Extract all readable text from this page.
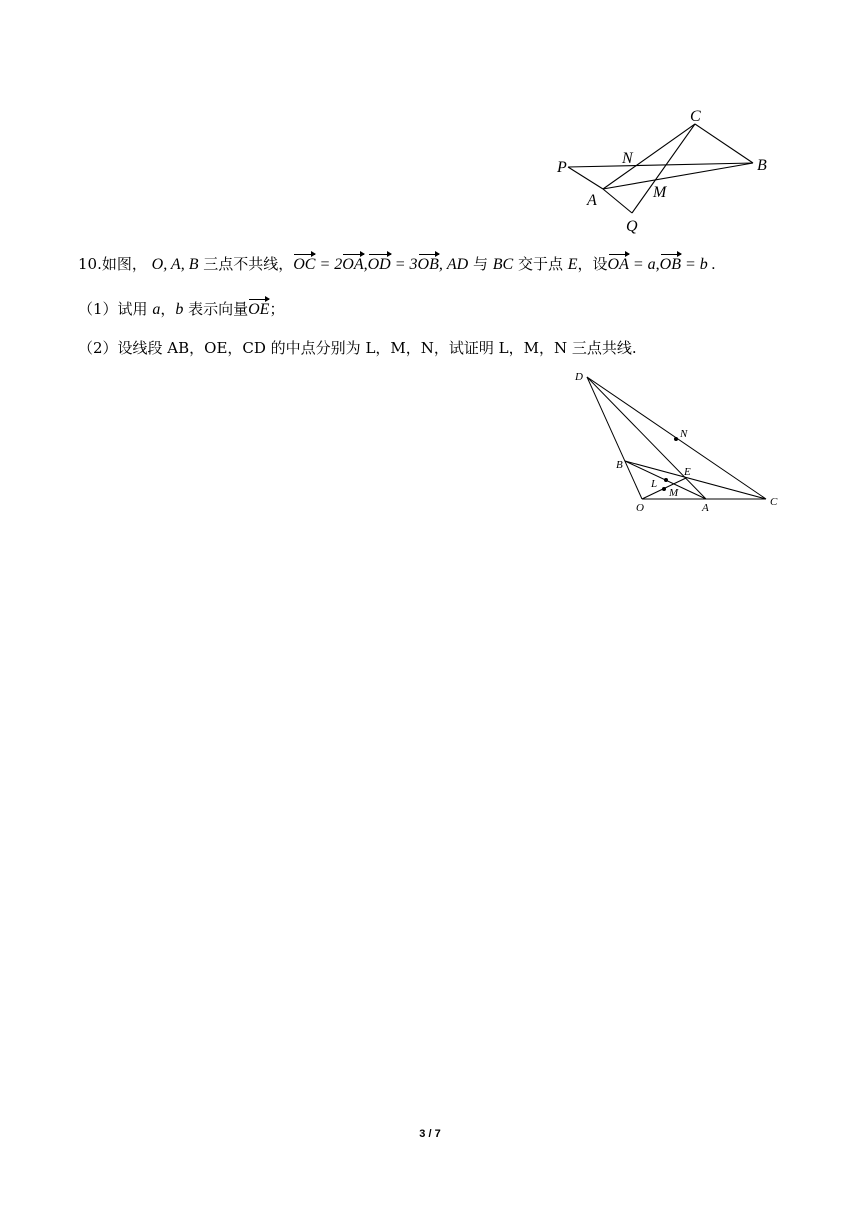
C
N
P	B
M
A
Q
10.如图， O, A, B 三点不共线，OC = 2OA,OD = 3OB, AD 与 BC 交于点 E，设OA = a,OB = b .
（1）试用 a，b 表示向量OE；
（2）设线段 AB，OE，CD 的中点分别为 L，M，N，试证明 L，M，N 三点共线.
D
N
B
E
L
M
O	A	C
3 / 7
